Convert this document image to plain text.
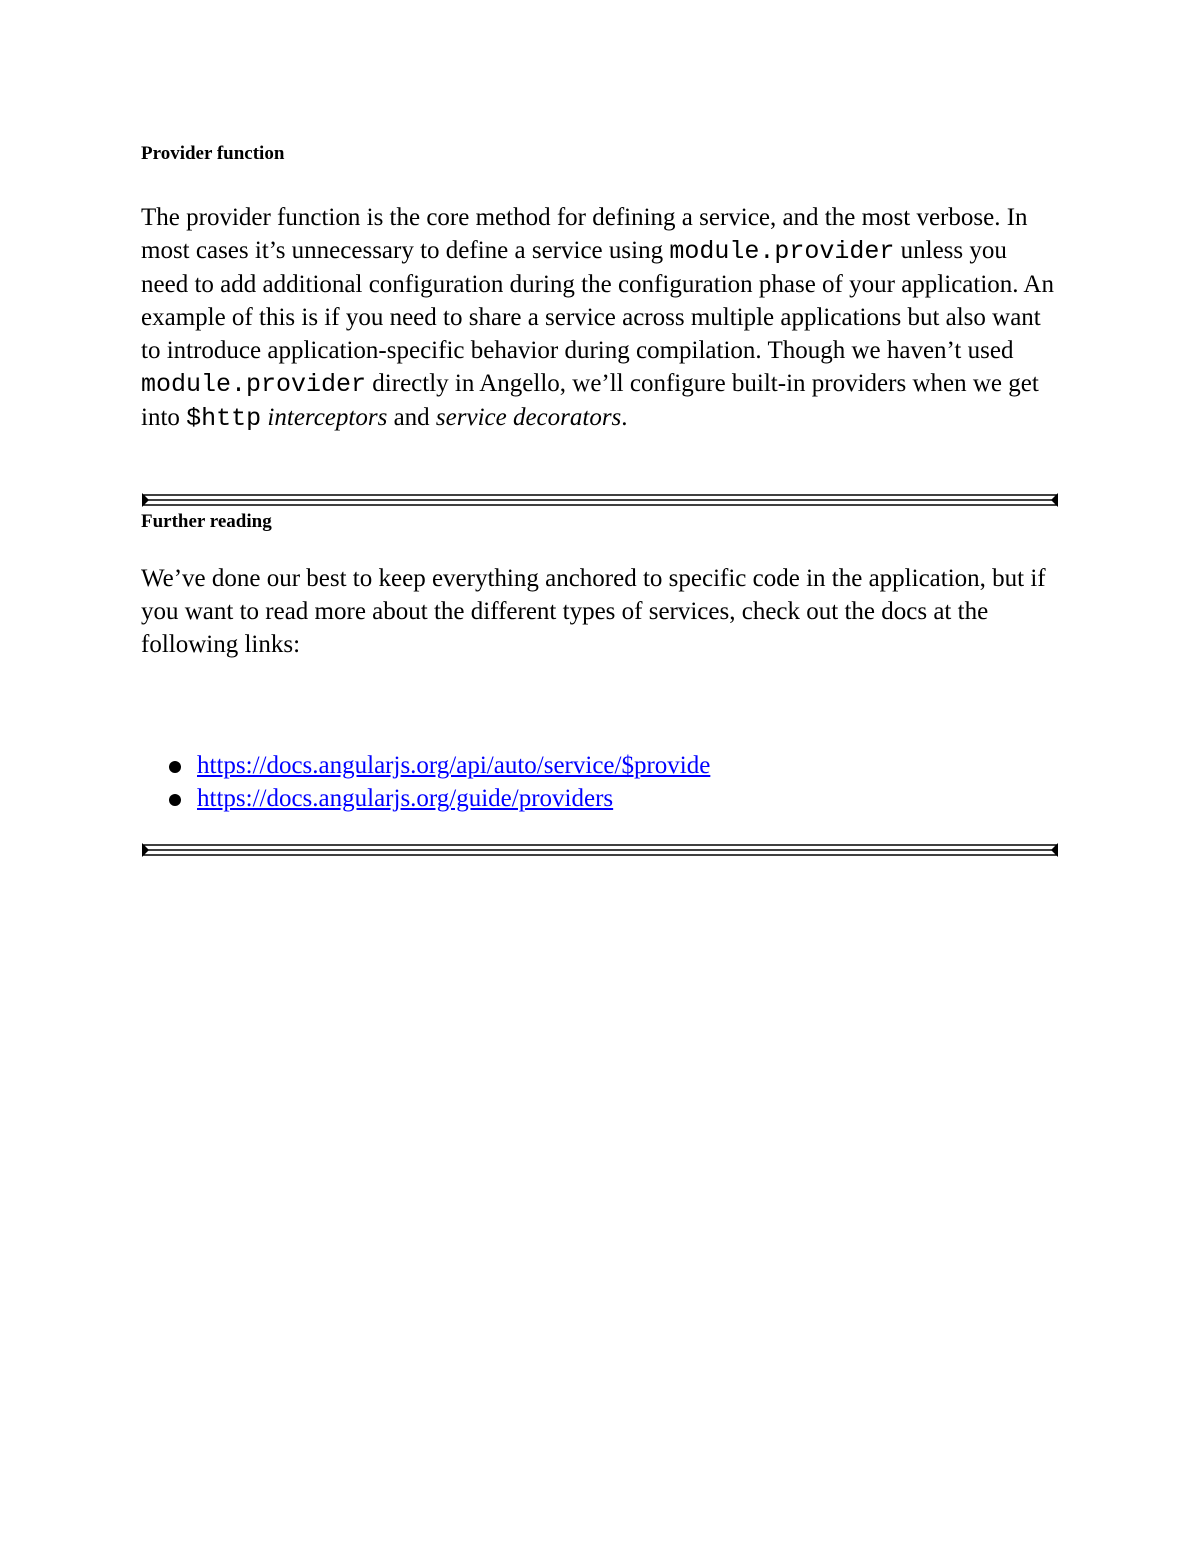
Provider function

The provider function is the core method for defining a service, and the most verbose. In most cases it’s unnecessary to define a service using module.provider unless you need to add additional configuration during the configuration phase of your application. An example of this is if you need to share a service across multiple applications but also want to introduce application-specific behavior during compilation. Though we haven’t used module.provider directly in Angello, we’ll configure built-in providers when we get into $http interceptors and service decorators.

Further reading

We’ve done our best to keep everything anchored to specific code in the application, but if you want to read more about the different types of services, check out the docs at the following links:

https://docs.angularjs.org/api/auto/service/$provide
https://docs.angularjs.org/guide/providers
